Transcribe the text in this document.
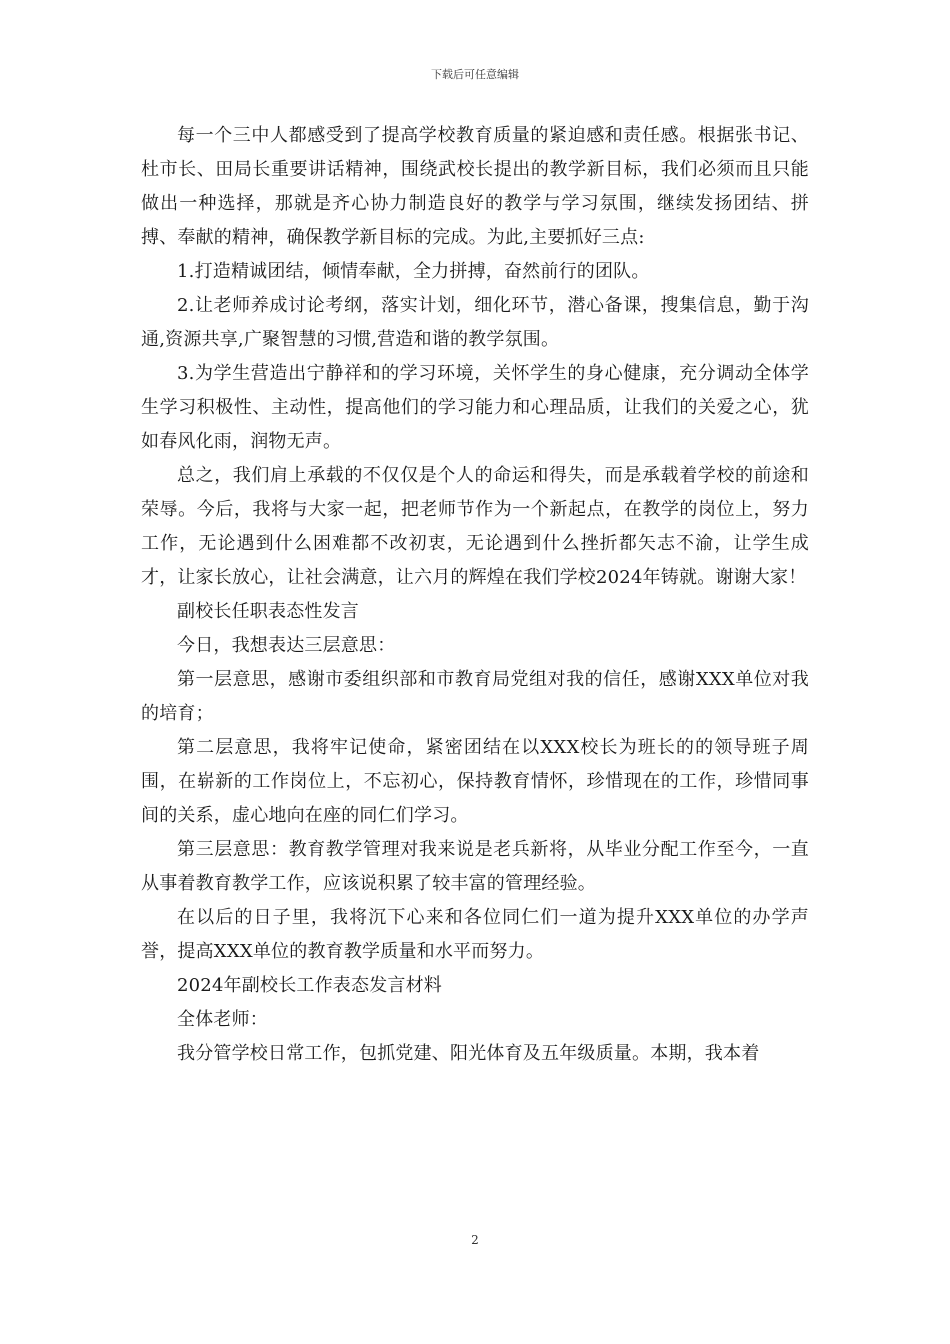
下载后可任意编辑

每一个三中人都感受到了提高学校教育质量的紧迫感和责任感。根据张书记、杜市长、田局长重要讲话精神，围绕武校长提出的教学新目标，我们必须而且只能做出一种选择，那就是齐心协力制造良好的教学与学习氛围，继续发扬团结、拼搏、奉献的精神，确保教学新目标的完成。为此,主要抓好三点:

1.打造精诚团结，倾情奉献，全力拼搏，奋然前行的团队。

2.让老师养成讨论考纲，落实计划，细化环节，潜心备课，搜集信息，勤于沟通,资源共享,广聚智慧的习惯,营造和谐的教学氛围。

3.为学生营造出宁静祥和的学习环境，关怀学生的身心健康，充分调动全体学生学习积极性、主动性，提高他们的学习能力和心理品质，让我们的关爱之心，犹如春风化雨，润物无声。

总之，我们肩上承载的不仅仅是个人的命运和得失，而是承载着学校的前途和荣辱。今后，我将与大家一起，把老师节作为一个新起点，在教学的岗位上，努力工作，无论遇到什么困难都不改初衷，无论遇到什么挫折都矢志不渝，让学生成才，让家长放心，让社会满意，让六月的辉煌在我们学校2024年铸就。谢谢大家！

副校长任职表态性发言

今日，我想表达三层意思：

第一层意思，感谢市委组织部和市教育局党组对我的信任，感谢XXX单位对我的培育；

第二层意思，我将牢记使命，紧密团结在以XXX校长为班长的的领导班子周围，在崭新的工作岗位上，不忘初心，保持教育情怀，珍惜现在的工作，珍惜同事间的关系，虚心地向在座的同仁们学习。

第三层意思：教育教学管理对我来说是老兵新将，从毕业分配工作至今，一直从事着教育教学工作，应该说积累了较丰富的管理经验。

在以后的日子里，我将沉下心来和各位同仁们一道为提升XXX单位的办学声誉，提高XXX单位的教育教学质量和水平而努力。

2024年副校长工作表态发言材料

全体老师：

我分管学校日常工作，包抓党建、阳光体育及五年级质量。本期，我本着

2
